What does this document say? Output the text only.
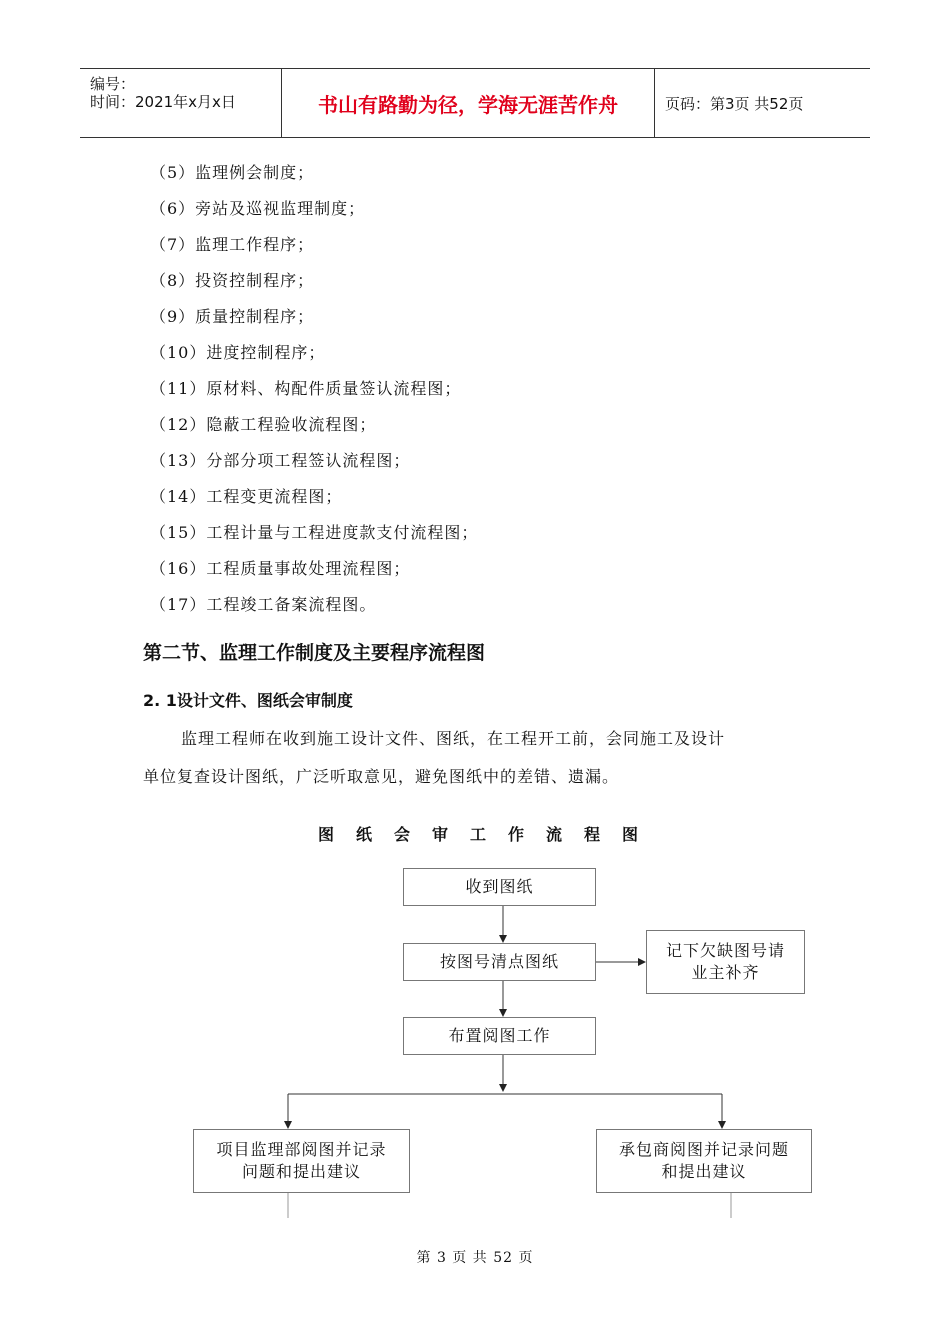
编号：
时间：2021年x月x日	书山有路勤为径，学海无涯苦作舟	页码：第3页 共52页
（5）监理例会制度；
（6）旁站及巡视监理制度；
（7）监理工作程序；
（8）投资控制程序；
（9）质量控制程序；
（10）进度控制程序；
（11）原材料、构配件质量签认流程图；
（12）隐蔽工程验收流程图；
（13）分部分项工程签认流程图；
（14）工程变更流程图；
（15）工程计量与工程进度款支付流程图；
（16）工程质量事故处理流程图；
（17）工程竣工备案流程图。
第二节、监理工作制度及主要程序流程图
2. 1设计文件、图纸会审制度
监理工程师在收到施工设计文件、图纸，在工程开工前，会同施工及设计
单位复查设计图纸，广泛听取意见，避免图纸中的差错、遗漏。
图纸会审工作流程图
收到图纸
按图号清点图纸
记下欠缺图号请
业主补齐
布置阅图工作
项目监理部阅图并记录
问题和提出建议
承包商阅图并记录问题
和提出建议
第 3 页 共 52 页
